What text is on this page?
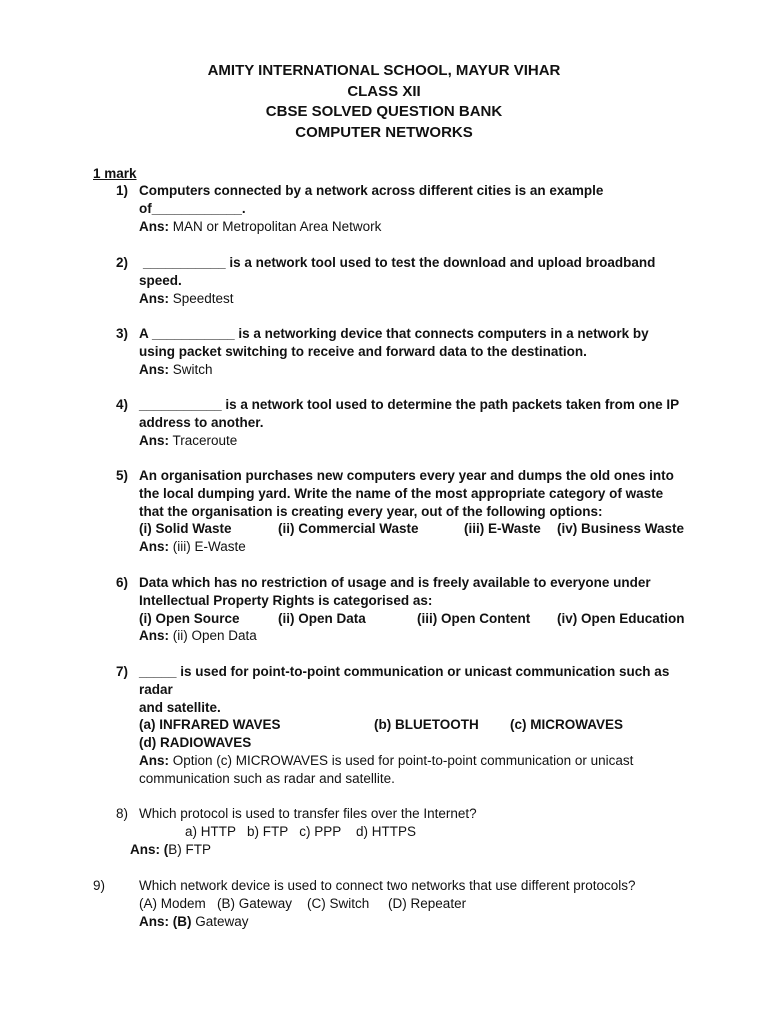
AMITY INTERNATIONAL SCHOOL, MAYUR VIHAR
CLASS XII
CBSE SOLVED QUESTION BANK
COMPUTER NETWORKS
1 mark
1) Computers connected by a network across different cities is an example
of____________.
Ans: MAN or Metropolitan Area Network
2) ___________ is a network tool used to test the download and upload broadband
speed.
Ans: Speedtest
3) A ___________ is a networking device that connects computers in a network by
using packet switching to receive and forward data to the destination.
Ans: Switch
4) ___________ is a network tool used to determine the path packets taken from one IP
address to another.
Ans: Traceroute
5) An organisation purchases new computers every year and dumps the old ones into
the local dumping yard. Write the name of the most appropriate category of waste
that the organisation is creating every year, out of the following options:
(i) Solid Waste	(ii) Commercial Waste	(iii) E-Waste (iv) Business Waste
Ans: (iii) E-Waste
6) Data which has no restriction of usage and is freely available to everyone under
Intellectual Property Rights is categorised as:
(i) Open Source	(ii) Open Data	(iii) Open Content (iv) Open Education
Ans: (ii) Open Data
7) _____ is used for point-to-point communication or unicast communication such as
radar
and satellite.
(a) INFRARED WAVES	(b) BLUETOOTH (c) MICROWAVES
(d) RADIOWAVES
Ans: Option (c) MICROWAVES is used for point-to-point communication or unicast
communication such as radar and satellite.
8) Which protocol is used to transfer files over the Internet?
a) HTTP   b) FTP   c) PPP    d) HTTPS
Ans: (B) FTP
9)	Which network device is used to connect two networks that use different protocols?
(A) Modem   (B) Gateway    (C) Switch     (D) Repeater
Ans: (B) Gateway
